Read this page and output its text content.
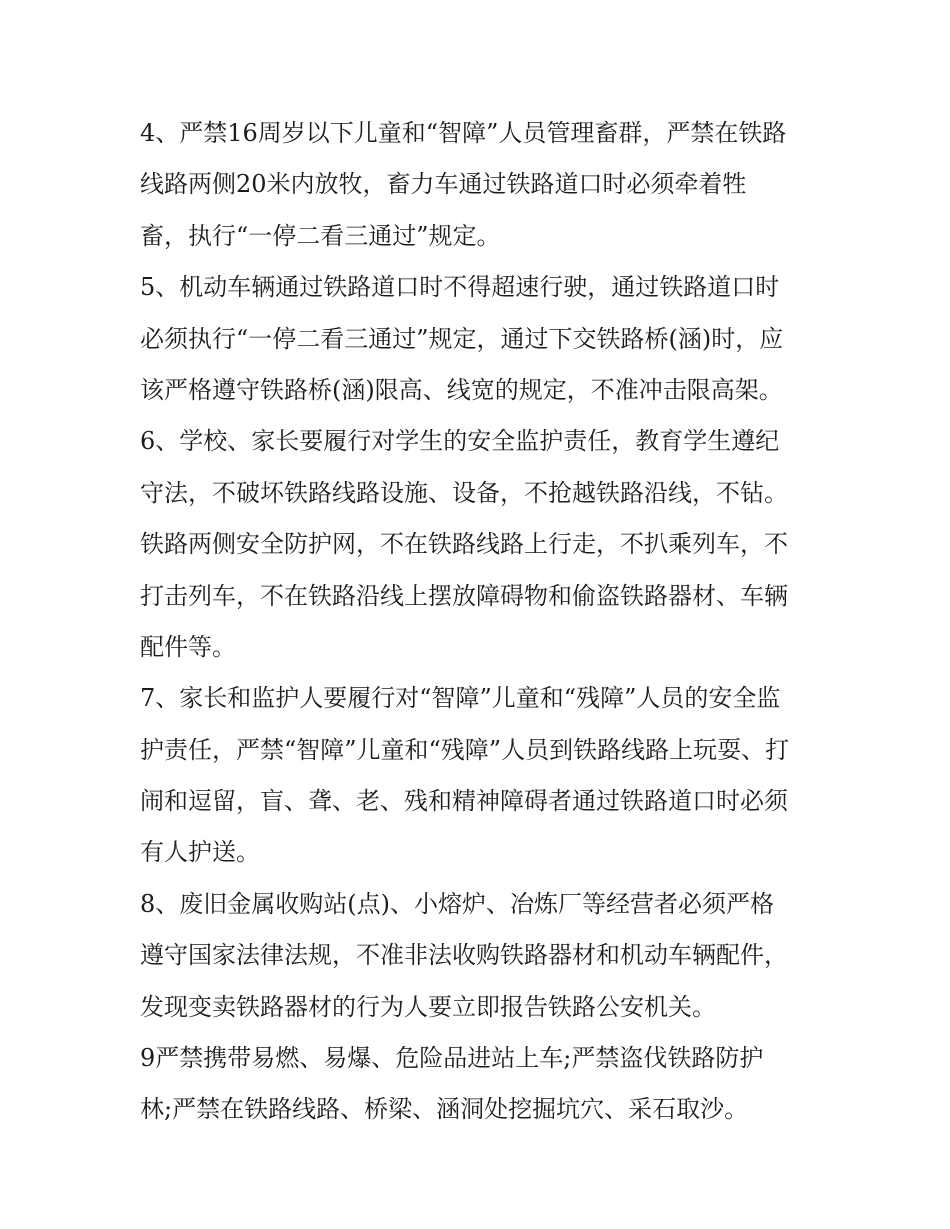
4、严禁16周岁以下儿童和“智障”人员管理畜群，严禁在铁路
线路两侧20米内放牧，畜力车通过铁路道口时必须牵着牲
畜，执行“一停二看三通过”规定。
5、机动车辆通过铁路道口时不得超速行驶，通过铁路道口时
必须执行“一停二看三通过”规定，通过下交铁路桥(涵)时，应
该严格遵守铁路桥(涵)限高、线宽的规定，不准冲击限高架。
6、学校、家长要履行对学生的安全监护责任，教育学生遵纪
守法，不破坏铁路线路设施、设备，不抢越铁路沿线，不钻。
铁路两侧安全防护网，不在铁路线路上行走，不扒乘列车，不
打击列车，不在铁路沿线上摆放障碍物和偷盗铁路器材、车辆
配件等。
7、家长和监护人要履行对“智障”儿童和“残障”人员的安全监
护责任，严禁“智障”儿童和“残障”人员到铁路线路上玩耍、打
闹和逗留，盲、聋、老、残和精神障碍者通过铁路道口时必须
有人护送。
8、废旧金属收购站(点)、小熔炉、冶炼厂等经营者必须严格
遵守国家法律法规，不准非法收购铁路器材和机动车辆配件，
发现变卖铁路器材的行为人要立即报告铁路公安机关。
9严禁携带易燃、易爆、危险品进站上车;严禁盗伐铁路防护
林;严禁在铁路线路、桥梁、涵洞处挖掘坑穴、采石取沙。
